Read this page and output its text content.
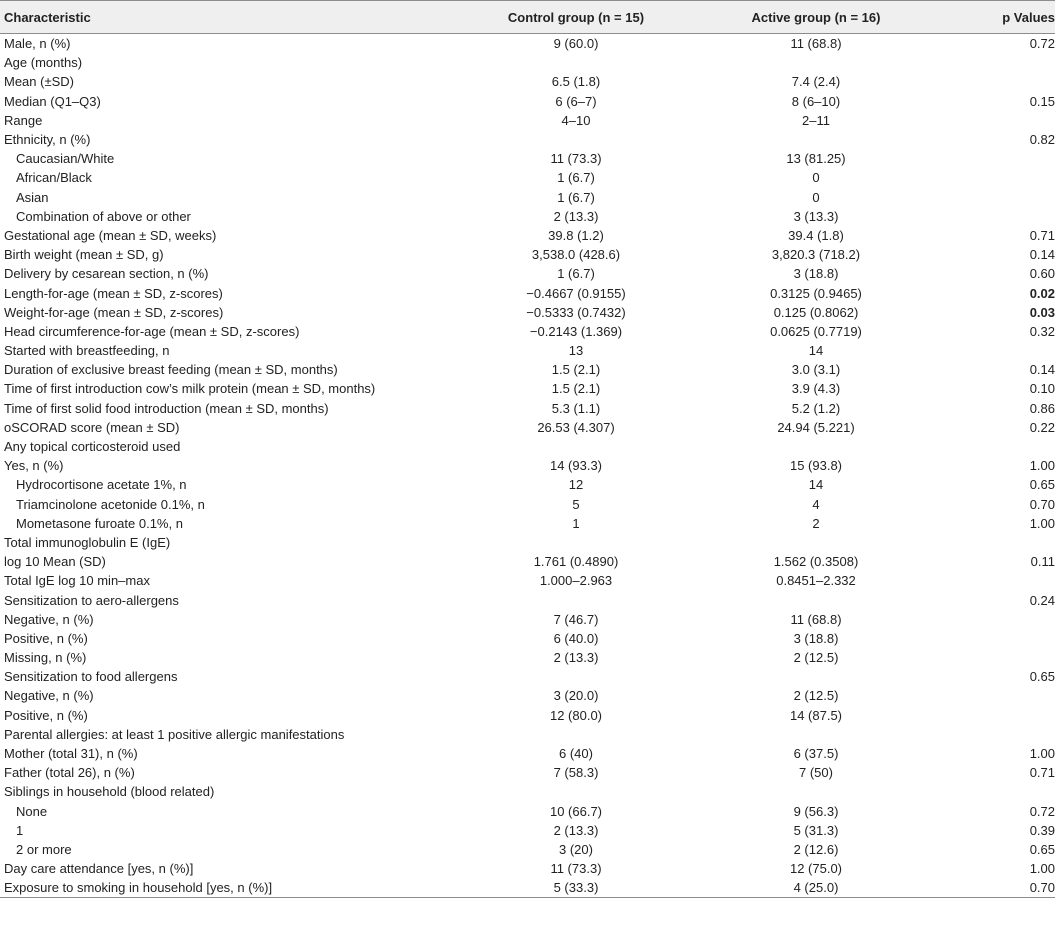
Characteristic	Control group (n = 15)	Active group (n = 16)	p Values
Male, n (%)	9 (60.0)	11 (68.8)	0.72
Age (months)			
Mean (±SD)	6.5 (1.8)	7.4 (2.4)	
Median (Q1–Q3)	6 (6–7)	8 (6–10)	0.15
Range	4–10	2–11	
Ethnicity, n (%)			0.82
Caucasian/White	11 (73.3)	13 (81.25)	
African/Black	1 (6.7)	0	
Asian	1 (6.7)	0	
Combination of above or other	2 (13.3)	3 (13.3)	
Gestational age (mean ± SD, weeks)	39.8 (1.2)	39.4 (1.8)	0.71
Birth weight (mean ± SD, g)	3,538.0 (428.6)	3,820.3 (718.2)	0.14
Delivery by cesarean section, n (%)	1 (6.7)	3 (18.8)	0.60
Length-for-age (mean ± SD, z-scores)	−0.4667 (0.9155)	0.3125 (0.9465)	0.02
Weight-for-age (mean ± SD, z-scores)	−0.5333 (0.7432)	0.125 (0.8062)	0.03
Head circumference-for-age (mean ± SD, z-scores)	−0.2143 (1.369)	0.0625 (0.7719)	0.32
Started with breastfeeding, n	13	14	
Duration of exclusive breast feeding (mean ± SD, months)	1.5 (2.1)	3.0 (3.1)	0.14
Time of first introduction cow’s milk protein (mean ± SD, months)	1.5 (2.1)	3.9 (4.3)	0.10
Time of first solid food introduction (mean ± SD, months)	5.3 (1.1)	5.2 (1.2)	0.86
oSCORAD score (mean ± SD)	26.53 (4.307)	24.94 (5.221)	0.22
Any topical corticosteroid used			
Yes, n (%)	14 (93.3)	15 (93.8)	1.00
Hydrocortisone acetate 1%, n	12	14	0.65
Triamcinolone acetonide 0.1%, n	5	4	0.70
Mometasone furoate 0.1%, n	1	2	1.00
Total immunoglobulin E (IgE)			
log 10 Mean (SD)	1.761 (0.4890)	1.562 (0.3508)	0.11
Total IgE log 10 min–max	1.000–2.963	0.8451–2.332	
Sensitization to aero-allergens			0.24
Negative, n (%)	7 (46.7)	11 (68.8)	
Positive, n (%)	6 (40.0)	3 (18.8)	
Missing, n (%)	2 (13.3)	2 (12.5)	
Sensitization to food allergens			0.65
Negative, n (%)	3 (20.0)	2 (12.5)	
Positive, n (%)	12 (80.0)	14 (87.5)	
Parental allergies: at least 1 positive allergic manifestations			
Mother (total 31), n (%)	6 (40)	6 (37.5)	1.00
Father (total 26), n (%)	7 (58.3)	7 (50)	0.71
Siblings in household (blood related)			
None	10 (66.7)	9 (56.3)	0.72
1	2 (13.3)	5 (31.3)	0.39
2 or more	3 (20)	2 (12.6)	0.65
Day care attendance [yes, n (%)]	11 (73.3)	12 (75.0)	1.00
Exposure to smoking in household [yes, n (%)]	5 (33.3)	4 (25.0)	0.70
